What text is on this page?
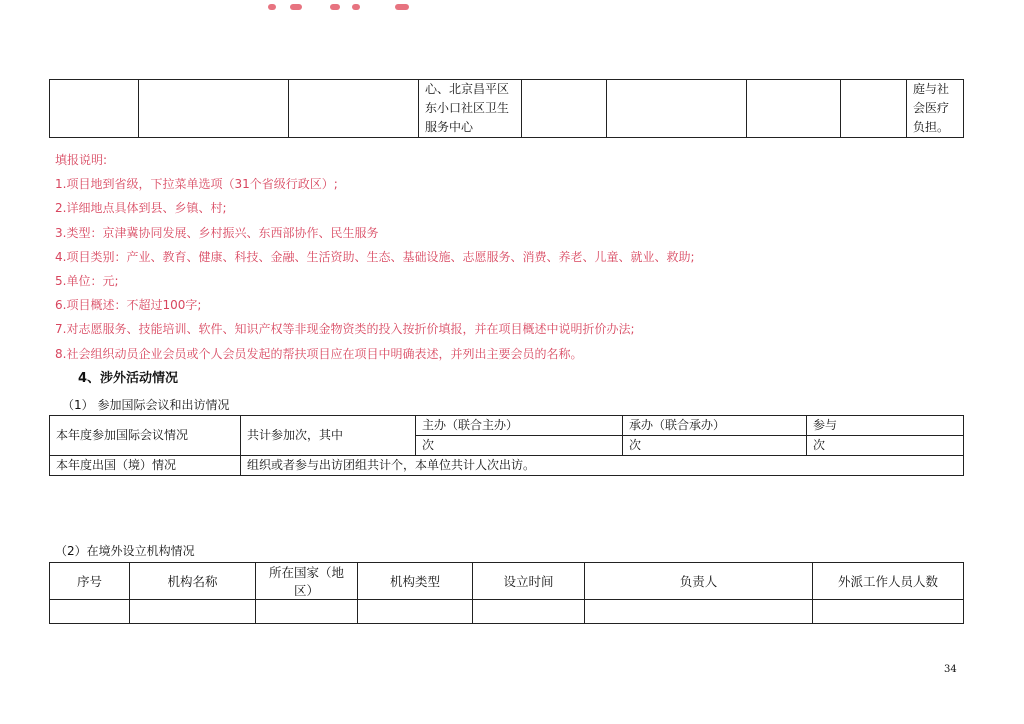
			心、北京昌平区东小口社区卫生服务中心					庭与社会医疗负担。
填报说明:
1.项目地到省级，下拉菜单选项（31个省级行政区）;
2.详细地点具体到县、乡镇、村;
3.类型：京津冀协同发展、乡村振兴、东西部协作、民生服务
4.项目类别：产业、教育、健康、科技、金融、生活资助、生态、基础设施、志愿服务、消费、养老、儿童、就业、救助;
5.单位：元;
6.项目概述：不超过100字;
7.对志愿服务、技能培训、软件、知识产权等非现金物资类的投入按折价填报，并在项目概述中说明折价办法;
8.社会组织动员企业会员或个人会员发起的帮扶项目应在项目中明确表述，并列出主要会员的名称。
4、涉外活动情况
（1） 参加国际会议和出访情况
本年度参加国际会议情况	共计参加次，其中	主办（联合主办）	承办（联合承办）	参与
		次	次	次
本年度出国（境）情况	组织或者参与出访团组共计个，本单位共计人次出访。			
（2）在境外设立机构情况
序号	机构名称	所在国家（地区）	机构类型	设立时间	负责人	外派工作人员人数

34
